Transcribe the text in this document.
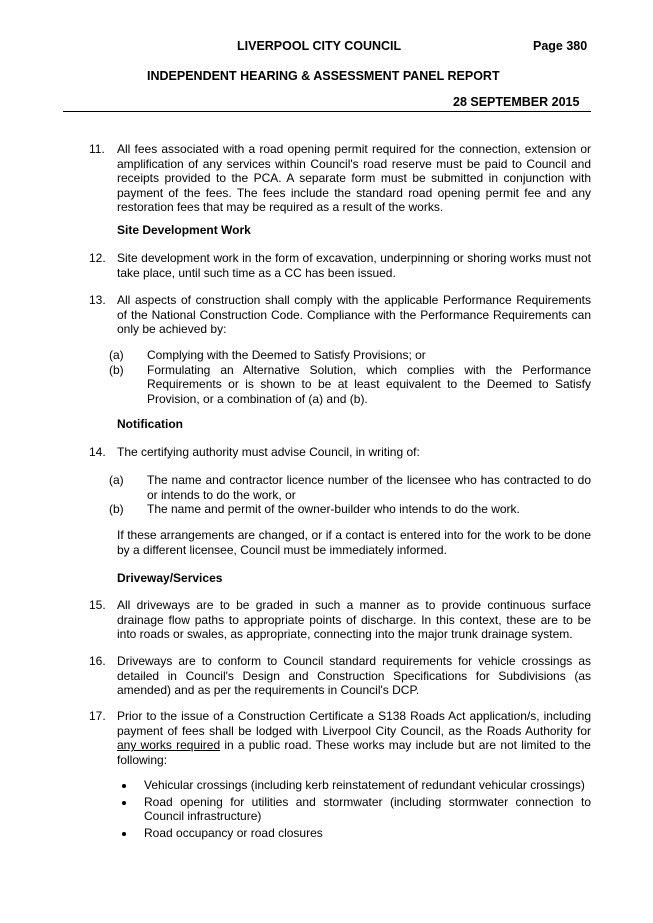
LIVERPOOL CITY COUNCIL	Page 380
INDEPENDENT HEARING & ASSESSMENT PANEL REPORT
28 SEPTEMBER 2015
11. All fees associated with a road opening permit required for the connection, extension or amplification of any services within Council's road reserve must be paid to Council and receipts provided to the PCA. A separate form must be submitted in conjunction with payment of the fees. The fees include the standard road opening permit fee and any restoration fees that may be required as a result of the works.
Site Development Work
12. Site development work in the form of excavation, underpinning or shoring works must not take place, until such time as a CC has been issued.
13. All aspects of construction shall comply with the applicable Performance Requirements of the National Construction Code. Compliance with the Performance Requirements can only be achieved by:
(a) Complying with the Deemed to Satisfy Provisions; or
(b) Formulating an Alternative Solution, which complies with the Performance Requirements or is shown to be at least equivalent to the Deemed to Satisfy Provision, or a combination of (a) and (b).
Notification
14. The certifying authority must advise Council, in writing of:
(a) The name and contractor licence number of the licensee who has contracted to do or intends to do the work, or
(b) The name and permit of the owner-builder who intends to do the work.
If these arrangements are changed, or if a contact is entered into for the work to be done by a different licensee, Council must be immediately informed.
Driveway/Services
15. All driveways are to be graded in such a manner as to provide continuous surface drainage flow paths to appropriate points of discharge. In this context, these are to be into roads or swales, as appropriate, connecting into the major trunk drainage system.
16. Driveways are to conform to Council standard requirements for vehicle crossings as detailed in Council's Design and Construction Specifications for Subdivisions (as amended) and as per the requirements in Council's DCP.
17. Prior to the issue of a Construction Certificate a S138 Roads Act application/s, including payment of fees shall be lodged with Liverpool City Council, as the Roads Authority for any works required in a public road. These works may include but are not limited to the following:
Vehicular crossings (including kerb reinstatement of redundant vehicular crossings)
Road opening for utilities and stormwater (including stormwater connection to Council infrastructure)
Road occupancy or road closures
